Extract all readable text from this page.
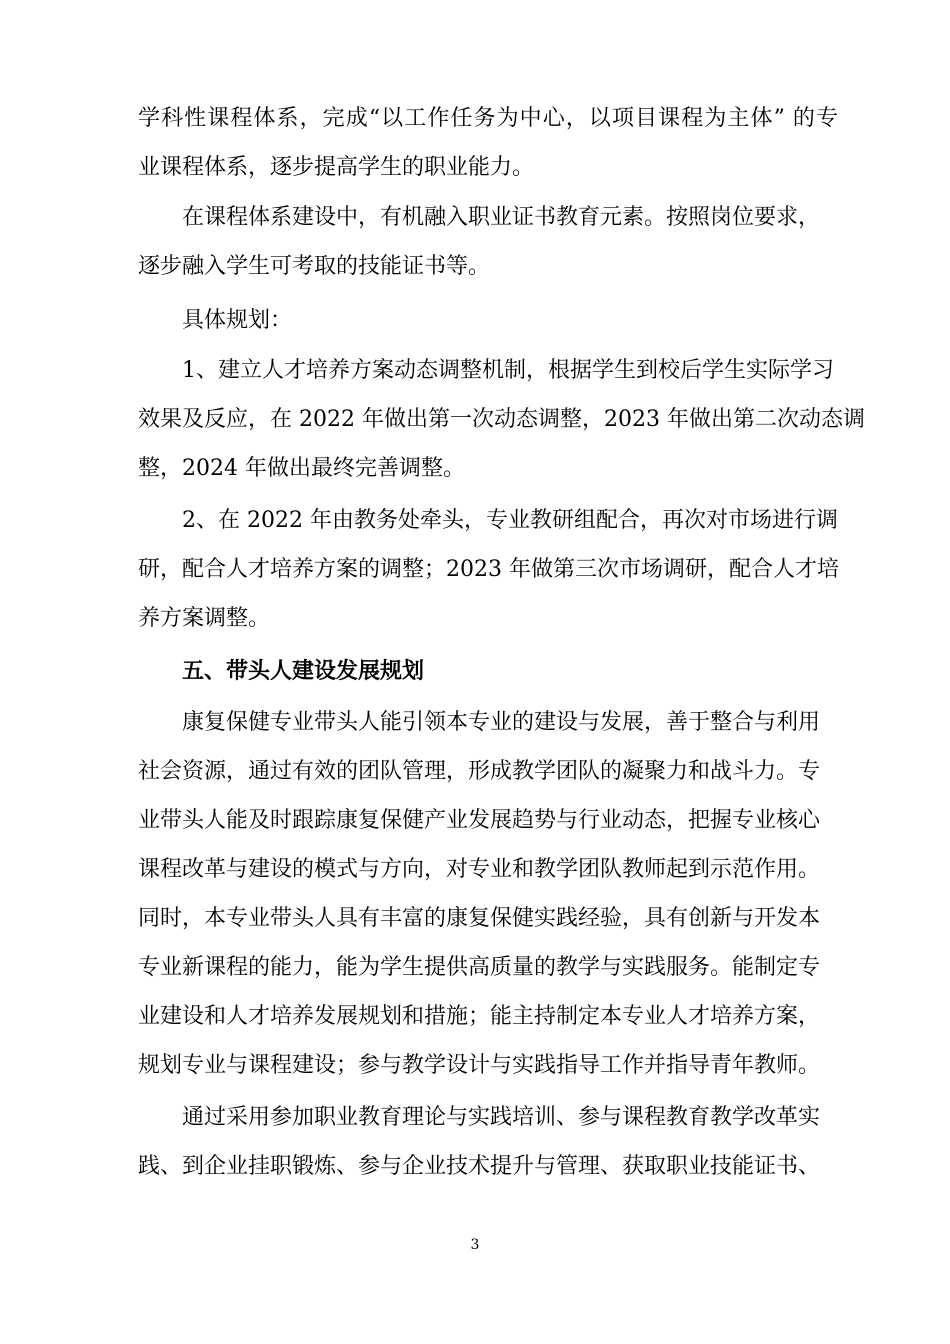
学科性课程体系，完成“以工作任务为中心，以项目课程为主体” 的专
业课程体系，逐步提高学生的职业能力。
在课程体系建设中，有机融入职业证书教育元素。按照岗位要求，
逐步融入学生可考取的技能证书等。
具体规划：
1、建立人才培养方案动态调整机制，根据学生到校后学生实际学习
效果及反应，在 2022 年做出第一次动态调整，2023 年做出第二次动态调
整，2024 年做出最终完善调整。
2、在 2022 年由教务处牵头，专业教研组配合，再次对市场进行调
研，配合人才培养方案的调整；2023 年做第三次市场调研，配合人才培
养方案调整。
五、带头人建设发展规划
康复保健专业带头人能引领本专业的建设与发展，善于整合与利用
社会资源，通过有效的团队管理，形成教学团队的凝聚力和战斗力。专
业带头人能及时跟踪康复保健产业发展趋势与行业动态，把握专业核心
课程改革与建设的模式与方向，对专业和教学团队教师起到示范作用。
同时，本专业带头人具有丰富的康复保健实践经验，具有创新与开发本
专业新课程的能力，能为学生提供高质量的教学与实践服务。能制定专
业建设和人才培养发展规划和措施；能主持制定本专业人才培养方案，
规划专业与课程建设；参与教学设计与实践指导工作并指导青年教师。
通过采用参加职业教育理论与实践培训、参与课程教育教学改革实
践、到企业挂职锻炼、参与企业技术提升与管理、获取职业技能证书、
3
